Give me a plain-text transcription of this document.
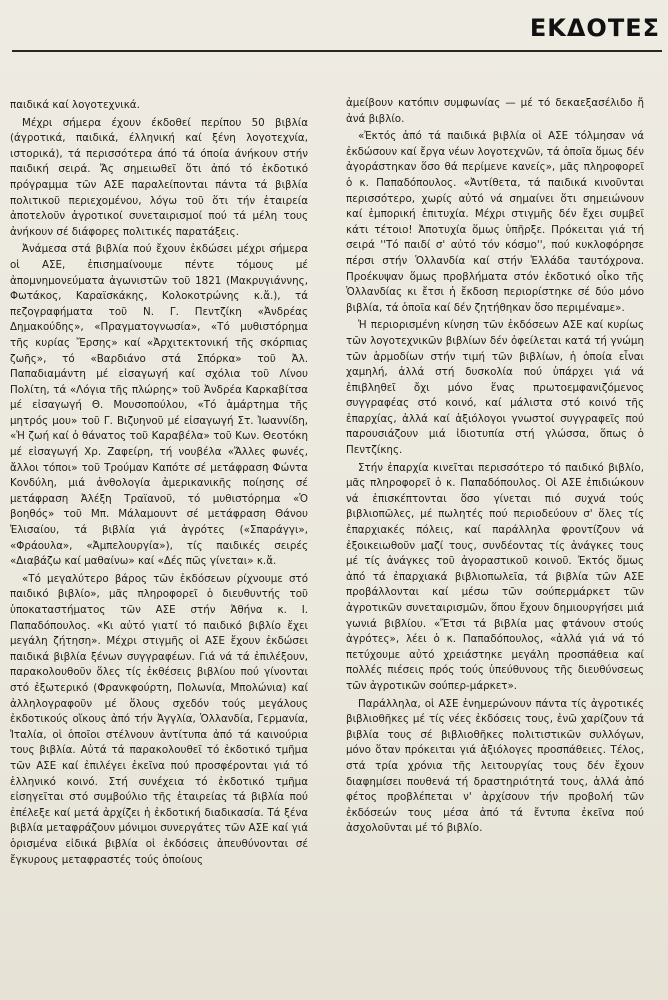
ΕΚΔΟΤΕΣ

παιδικά καί λογοτεχνικά.

Μέχρι σήμερα έχουν έκδοθεί περίπου 50 βιβλία (άγροτικά, παιδικά, έλληνική καί ξένη λογοτεχνία, ιστορικά), τά περισσότερα άπό τά όποία άνήκουν στήν παιδική σειρά. Ἄς σημειωθεῖ ὅτι ἀπό τό ἐκδοτικό πρόγραμμα τῶν ΑΣΕ παραλείπονται πάντα τά βιβλία πολιτικοῦ περιεχομένου, λόγω τοῦ ὅτι τήν ἑταιρεία ἀποτελοῦν ἀγροτικοί συνεταιρισμοί πού τά μέλη τους ἀνήκουν σέ διάφορες πολιτικές παρατάξεις.

Ἀνάμεσα στά βιβλία πού ἔχουν ἐκδώσει μέχρι σήμερα οἱ ΑΣΕ, ἐπισημαίνουμε πέντε τόμους μέ ἀπομνημονεύματα ἀγωνιστῶν τοῦ 1821 (Μακρυγιάννης, Φωτάκος, Καραϊσκάκης, Κολοκοτρώνης κ.ἄ.), τά πεζογραφήματα τοῦ Ν. Γ. Πεντζίκη «Ἀνδρέας Δημακούδης», «Πραγματογνωσία», «Τό μυθιστόρημα τῆς κυρίας Ἔρσης» καί «Ἀρχιτεκτονική τῆς σκόρπιας ζωῆς», τό «Βαρδιάνο στά Σπόρκα» τοῦ Ἀλ. Παπαδιαμάντη μέ εἰσαγωγή καί σχόλια τοῦ Λίνου Πολίτη, τά «Λόγια τῆς πλώρης» τοῦ Ἀνδρέα Καρκαβίτσα μέ εἰσαγωγή Θ. Μουσοπούλου, «Τό ἁμάρτημα τῆς μητρός μου» τοῦ Γ. Βιζυηνοῦ μέ εἰσαγωγή Στ. Ἰωαννίδη, «Ἡ ζωή καί ὁ θάνατος τοῦ Καραβέλα» τοῦ Κων. Θεοτόκη μέ εἰσαγωγή Χρ. Ζαφείρη, τή νουβέλα «Ἄλλες φωνές, ἄλλοι τόποι» τοῦ Τρούμαν Καπότε σέ μετάφραση Φώντα Κονδύλη, μιά ἀνθολογία ἀμερικανικῆς ποίησης σέ μετάφραση Ἀλέξη Τραϊανοῦ, τό μυθιστόρημα «Ὁ βοηθός» τοῦ Μπ. Μάλαμουντ σέ μετάφραση Θάνου Ἐλισαίου, τά βιβλία γιά ἀγρότες («Σπαράγγι», «Φράουλα», «Ἀμπελουργία»), τίς παιδικές σειρές «Διαβάζω καί μαθαίνω» καί «Δές πῶς γίνεται» κ.ἄ.

«Τό μεγαλύτερο βάρος τῶν ἐκδόσεων ρίχνουμε στό παιδικό βιβλίο», μᾶς πληροφορεῖ ὁ διευθυντής τοῦ ὑποκαταστήματος τῶν ΑΣΕ στήν Ἀθήνα κ. Ι. Παπαδόπουλος. «Κι αὐτό γιατί τό παιδικό βιβλίο ἔχει μεγάλη ζήτηση». Μέχρι στιγμῆς οἱ ΑΣΕ ἔχουν ἐκδώσει παιδικά βιβλία ξένων συγγραφέων. Γιά νά τά ἐπιλέξουν, παρακολουθοῦν ὅλες τίς ἐκθέσεις βιβλίου πού γίνονται στό ἐξωτερικό (Φρανκφούρτη, Πολωνία, Μπολώνια) καί ἀλληλογραφοῦν μέ ὅλους σχεδόν τούς μεγάλους ἐκδοτικούς οἴκους ἀπό τήν Ἀγγλία, Ὁλλανδία, Γερμανία, Ἰταλία, οἱ ὁποῖοι στέλνουν ἀντίτυπα ἀπό τά καινούρια τους βιβλία. Αὐτά τά παρακολουθεῖ τό ἐκδοτικό τμῆμα τῶν ΑΣΕ καί ἐπιλέγει ἐκεῖνα πού προσφέρονται γιά τό ἑλληνικό κοινό. Στή συνέχεια τό ἐκδοτικό τμῆμα εἰσηγεῖται στό συμβούλιο τῆς ἑταιρείας τά βιβλία πού ἐπέλεξε καί μετά ἀρχίζει ἡ ἐκδοτική διαδικασία. Τά ξένα βιβλία μεταφράζουν μόνιμοι συνεργάτες τῶν ΑΣΕ καί γιά ὁρισμένα εἰδικά βιβλία οἱ ἐκδόσεις ἀπευθύνονται σέ ἔγκυρους μεταφραστές τούς ὁποίους

ἀμείβουν κατόπιν συμφωνίας — μέ τό δεκαεξασέλιδο ἤ ἀνά βιβλίο.

«Ἐκτός ἀπό τά παιδικά βιβλία οἱ ΑΣΕ τόλμησαν νά ἐκδώσουν καί ἔργα νέων λογοτεχνῶν, τά ὁποῖα ὅμως δέν ἀγοράστηκαν ὅσο θά περίμενε κανείς», μᾶς πληροφορεῖ ὁ κ. Παπαδόπουλος. «Ἀντίθετα, τά παιδικά κινοῦνται περισσότερο, χωρίς αὐτό νά σημαίνει ὅτι σημειώνουν καί ἐμπορική ἐπιτυχία. Μέχρι στιγμῆς δέν ἔχει συμβεῖ κάτι τέτοιο! Ἀποτυχία ὅμως ὑπῆρξε. Πρόκειται γιά τή σειρά ''Τό παιδί σ' αὐτό τόν κόσμο'', πού κυκλοφόρησε πέρσι στήν Ὁλλανδία καί στήν Ἑλλάδα ταυτόχρονα. Προέκυψαν ὅμως προβλήματα στόν ἐκδοτικό οἶκο τῆς Ὁλλανδίας κι ἔτσι ἡ ἔκδοση περιορίστηκε σέ δύο μόνο βιβλία, τά ὁποῖα καί δέν ζητήθηκαν ὅσο περιμέναμε».

Ἡ περιορισμένη κίνηση τῶν ἐκδόσεων ΑΣΕ καί κυρίως τῶν λογοτεχνικῶν βιβλίων δέν ὀφείλεται κατά τή γνώμη τῶν ἁρμοδίων στήν τιμή τῶν βιβλίων, ἡ ὁποία εἶναι χαμηλή, ἀλλά στή δυσκολία πού ὑπάρχει γιά νά ἐπιβληθεῖ ὄχι μόνο ἕνας πρωτοεμφανιζόμενος συγγραφέας στό κοινό, καί μάλιστα στό κοινό τῆς ἐπαρχίας, ἀλλά καί ἀξιόλογοι γνωστοί συγγραφεῖς πού παρουσιάζουν μιά ἰδιοτυπία στή γλώσσα, ὅπως ὁ Πεντζίκης.

Στήν ἐπαρχία κινεῖται περισσότερο τό παιδικό βιβλίο, μᾶς πληροφορεῖ ὁ κ. Παπαδόπουλος. Οἱ ΑΣΕ ἐπιδιώκουν νά ἐπισκέπτονται ὅσο γίνεται πιό συχνά τούς βιβλιοπῶλες, μέ πωλητές πού περιοδεύουν σ' ὅλες τίς ἐπαρχιακές πόλεις, καί παράλληλα φροντίζουν νά ἐξοικειωθοῦν μαζί τους, συνδέοντας τίς ἀνάγκες τους μέ τίς ἀνάγκες τοῦ ἀγοραστικοῦ κοινοῦ. Ἐκτός ὅμως ἀπό τά ἐπαρχιακά βιβλιοπωλεῖα, τά βιβλία τῶν ΑΣΕ προβάλλονται καί μέσω τῶν σούπερμάρκετ τῶν ἀγροτικῶν συνεταιρισμῶν, ὅπου ἔχουν δημιουργήσει μιά γωνιά βιβλίου. «Ἔτσι τά βιβλία μας φτάνουν στούς ἀγρότες», λέει ὁ κ. Παπαδόπουλος, «ἀλλά γιά νά τό πετύχουμε αὐτό χρειάστηκε μεγάλη προσπάθεια καί πολλές πιέσεις πρός τούς ὑπεύθυνους τῆς διευθύνσεως τῶν ἀγροτικῶν σούπερ-μάρκετ».

Παράλληλα, οἱ ΑΣΕ ἐνημερώνουν πάντα τίς ἀγροτικές βιβλιοθῆκες μέ τίς νέες ἐκδόσεις τους, ἐνῶ χαρίζουν τά βιβλία τους σέ βιβλιοθῆκες πολιτιστικῶν συλλόγων, μόνο ὅταν πρόκειται γιά ἀξιόλογες προσπάθειες. Τέλος, στά τρία χρόνια τῆς λειτουργίας τους δέν ἔχουν διαφημίσει πουθενά τή δραστηριότητά τους, ἀλλά ἀπό φέτος προβλέπεται ν' ἀρχίσουν τήν προβολή τῶν ἐκδόσεών τους μέσα ἀπό τά ἔντυπα ἐκεῖνα πού ἀσχολοῦνται μέ τό βιβλίο.
